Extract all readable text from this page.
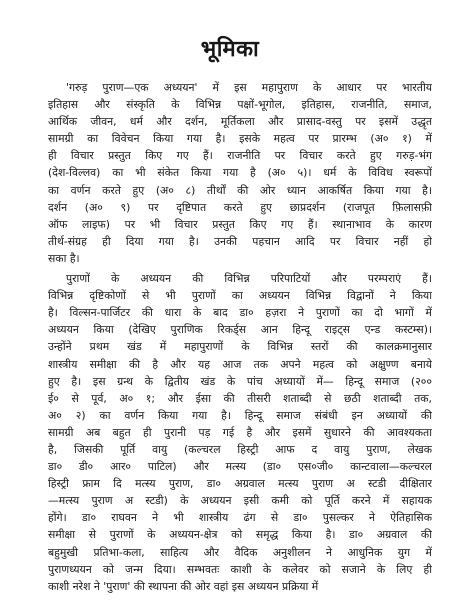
भूमिका
'गरुड़ पुराण—एक अध्ययन' में इस महापुराण के आधार पर भारतीय
इतिहास और संस्कृति के विभिन्न पक्षों-भूगोल, इतिहास, राजनीति, समाज,
आर्थिक जीवन, धर्म और दर्शन, मूर्तिकला और प्रासाद-वस्तु पर इसमें उद्धृत
सामग्री का विवेचन किया गया है। इसके महत्व पर प्रारम्भ (अ० १) में
ही विचार प्रस्तुत किए गए हैं। राजनीति पर विचार करते हुए गरुड़-भंग
(देश-विल्लव) का भी संकेत किया गया है (अ० ५)। धर्म के विविध स्वरूपों
का वर्णन करते हुए (अ० ८) तीर्थों की ओर ध्यान आकर्षित किया गया है।
दर्शन (अ० ९) पर दृष्टिपात करते हुए छाप्रदर्शन (राजपूत फ़िलासफ़ी
ऑफ लाइफ) पर भी विचार प्रस्तुत किए गए हैं। स्थानाभाव के कारण
तीर्थ-संग्रह ही दिया गया है। उनकी पहचान आदि पर विचार नहीं हो
सका है।
पुराणों के अध्ययन की विभिन्न परिपाटियों और परम्पराएं हैं।
विभिन्न दृष्टिकोणों से भी पुराणों का अध्ययन विभिन्न विद्वानों ने किया
है। विल्सन-पार्जिटर की धारा के बाद डा० हज़रा ने पुराणों का दो भागों में
अध्ययन किया (देखिए पुराणिक रिकर्ड्स आन हिन्दू राइट्स एन्ड कस्टम्स)।
उन्होंने प्रथम खंड में महापुराणों के विभिन्न स्तरों की कालक्रमानुसार
शास्त्रीय समीक्षा की है और यह आज तक अपने महत्व को अक्षुण्ण बनाये
हुए है। इस ग्रन्थ के द्वितीय खंड के पांच अध्यायों में— हिन्दू समाज (२००
ई० से पूर्व, अ० १; और ईसा की तीसरी शताब्दी से छठी शताब्दी तक,
अ० २) का वर्णन किया गया है। हिन्दू समाज संबंधी इन अध्यायों की
सामग्री अब बहुत ही पुरानी पड़ गई है और इसमें सुधारने की आवश्यकता
है, जिसकी पूर्ति वायु (कल्चरल हिस्ट्री आफ द वायु पुराण, लेखक
डा० डी० आर० पाटिल) और मत्स्य (डा० एस०जी० कान्टवाला—कल्चरल
हिस्ट्री फ्राम दि मत्स्य पुराण, डा० अग्रवाल मत्स्य पुराण अ स्टडी दीक्षितार
—मत्स्य पुराण अ स्टडी) के अध्ययन इसी कमी को पूर्ति करने में सहायक
होंगे। डा० राघवन ने भी शास्त्रीय ढंग से डा० पुसल्कर ने ऐतिहासिक
समीक्षा से पुराणों के अध्ययन-क्षेत्र को समृद्ध किया है। डा० अग्रवाल की
बहुमुखी प्रतिभा-कला, साहित्य और वैदिक अनुशीलन ने आधुनिक युग में
पुराणध्ययन को जन्म दिया। सम्भवतः काशी के कलेवर को सजाने के लिए ही
काशी नरेश ने 'पुराण' की स्थापना की ओर वहां इस अध्ययन प्रक्रिया में
